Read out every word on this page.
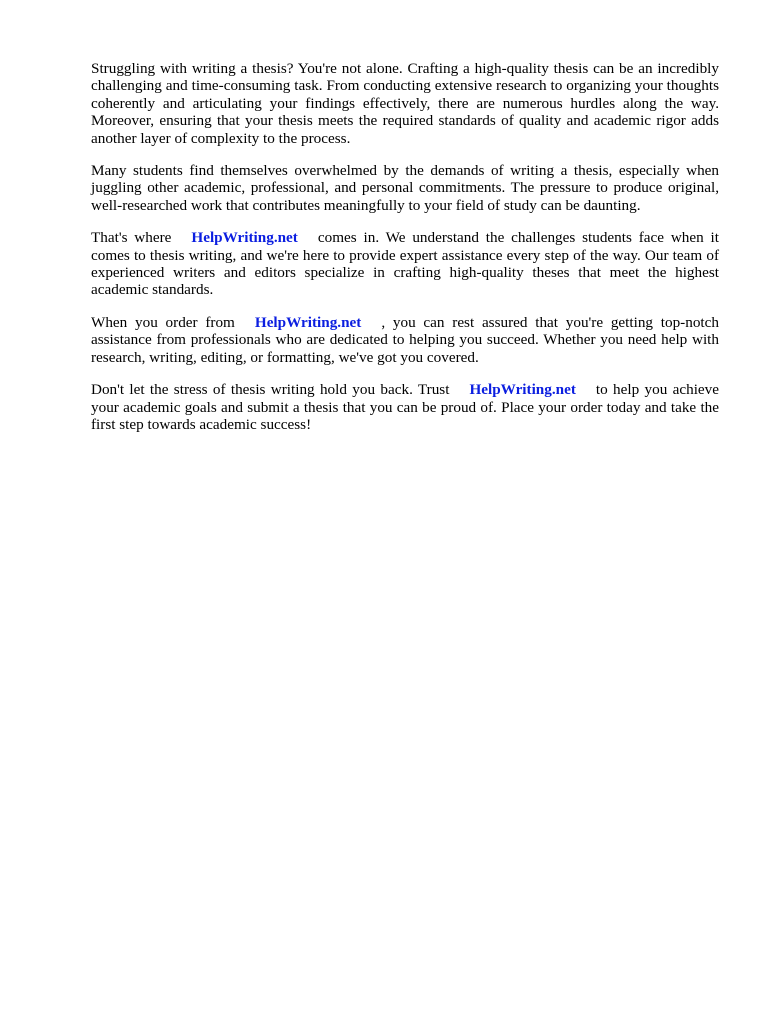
Struggling with writing a thesis? You're not alone. Crafting a high-quality thesis can be an incredibly challenging and time-consuming task. From conducting extensive research to organizing your thoughts coherently and articulating your findings effectively, there are numerous hurdles along the way. Moreover, ensuring that your thesis meets the required standards of quality and academic rigor adds another layer of complexity to the process.

Many students find themselves overwhelmed by the demands of writing a thesis, especially when juggling other academic, professional, and personal commitments. The pressure to produce original, well-researched work that contributes meaningfully to your field of study can be daunting.

That's where HelpWriting.net comes in. We understand the challenges students face when it comes to thesis writing, and we're here to provide expert assistance every step of the way. Our team of experienced writers and editors specialize in crafting high-quality theses that meet the highest academic standards.

When you order from HelpWriting.net , you can rest assured that you're getting top-notch assistance from professionals who are dedicated to helping you succeed. Whether you need help with research, writing, editing, or formatting, we've got you covered.

Don't let the stress of thesis writing hold you back. Trust HelpWriting.net to help you achieve your academic goals and submit a thesis that you can be proud of. Place your order today and take the first step towards academic success!
